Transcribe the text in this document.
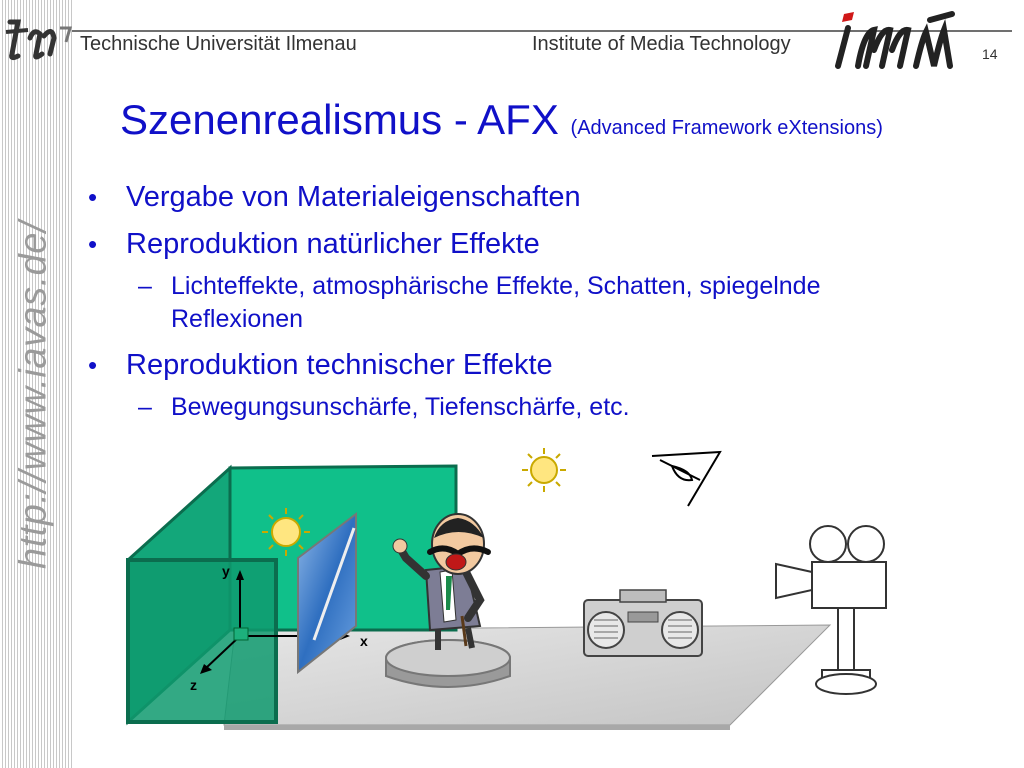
http://www.iavas.de/
Technische Universität Ilmenau	Institute of Media Technology	14
Szenenrealismus - AFX (Advanced Framework eXtensions)
• Vergabe von Materialeigenschaften
• Reproduktion natürlicher Effekte
– Lichteffekte, atmosphärische Effekte, Schatten, spiegelnde Reflexionen
• Reproduktion technischer Effekte
– Bewegungsunschärfe, Tiefenschärfe, etc.
y
x
z
